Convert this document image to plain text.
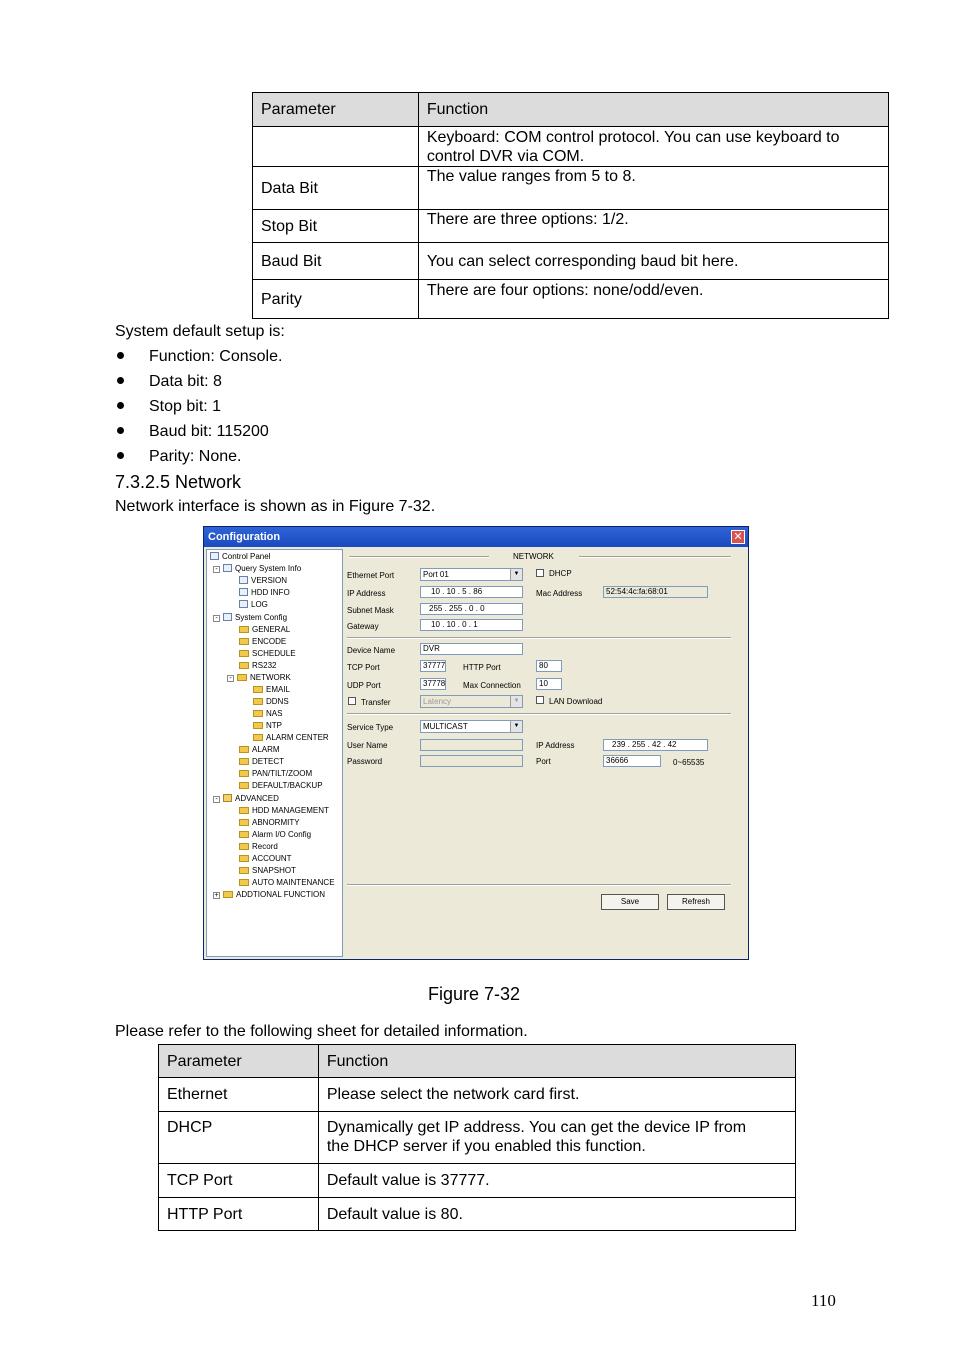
Parameter	Function

	Keyboard: COM control protocol. You can use keyboard to
control DVR via COM.

Data Bit	The value ranges from 5 to 8.
Stop Bit	There are three options: 1/2.
Baud Bit	You can select corresponding baud bit here.
Parity	There are four options: none/odd/even.
System default setup is:
Function: Console.
Data bit: 8
Stop bit: 1
Baud bit: 115200
Parity: None.
7.3.2.5 Network
Network interface is shown as in Figure 7-32.
Configuration	✕
Control Panel
- Query System Info
VERSION
HDD INFO
LOG
- System Config
GENERAL
ENCODE
SCHEDULE
RS232
- NETWORK
EMAIL
DDNS
NAS
NTP
ALARM CENTER
ALARM
DETECT
PAN/TILT/ZOOM
DEFAULT/BACKUP
- ADVANCED
HDD MANAGEMENT
ABNORMITY
Alarm I/O Config
Record
ACCOUNT
SNAPSHOT
AUTO MAINTENANCE
+ ADDTIONAL FUNCTION
NETWORK
Ethernet Port	Port 01	▼	DHCP
IP Address	10 . 10 . 5 . 86	Mac Address	52:54:4c:fa:68:01
Subnet Mask	255 . 255 . 0 . 0
Gateway	10 . 10 . 0 . 1
Device Name	DVR
TCP Port	37777 HTTP Port	80
UDP Port	37778 Max Connection	10
Transfer	Latency	▼	LAN Download
Service Type	MULTICAST	▼
User Name	IP Address	239 . 255 . 42 . 42
Password	Port	36666	0~65535
Save	Refresh
Figure 7-32
Please refer to the following sheet for detailed information.
Parameter	Function
Ethernet	Please select the network card first.
DHCP	Dynamically get IP address. You can get the device IP from
the DHCP server if you enabled this function.

TCP Port	Default value is 37777.
HTTP Port	Default value is 80.
110
